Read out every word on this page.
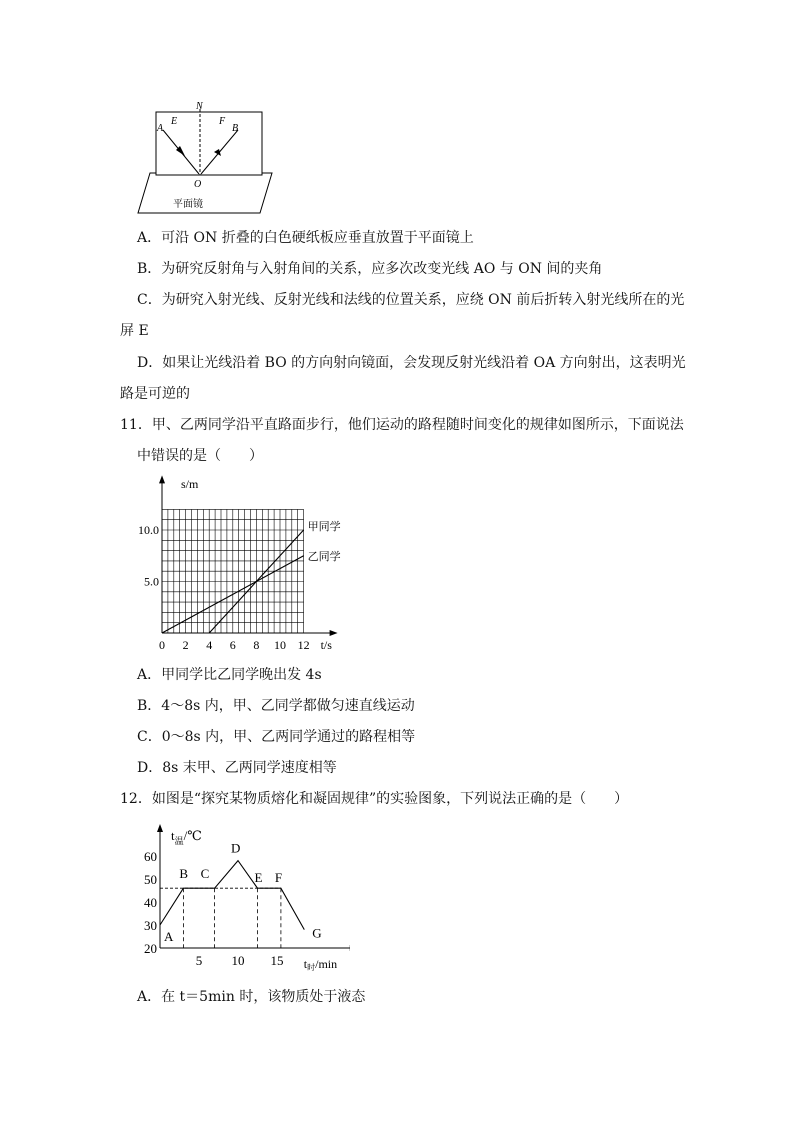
N
E	F
A	B
O
平面镜
A．可沿 ON 折叠的白色硬纸板应垂直放置于平面镜上
B．为研究反射角与入射角间的关系，应多次改变光线 AO 与 ON 间的夹角
C．为研究入射光线、反射光线和法线的位置关系，应绕 ON 前后折转入射光线所在的光
屏 E
D．如果让光线沿着 BO 的方向射向镜面，会发现反射光线沿着 OA 方向射出，这表明光
路是可逆的
11．甲、乙两同学沿平直路面步行，他们运动的路程随时间变化的规律如图所示，下面说法
中错误的是（　　）
0 2 4 6 8 10 12
5.0
10.0
s/m
t/s
甲同学
乙同学
A．甲同学比乙同学晚出发 4s
B．4～8s 内，甲、乙同学都做匀速直线运动
C．0～8s 内，甲、乙两同学通过的路程相等
D．8s 末甲、乙两同学速度相等
12．如图是“探究某物质熔化和凝固规律”的实验图象，下列说法正确的是（　　）
20
30
40
50
60
5 10 15
$t_温/℃$
t时/min
A
B C
D
E F
G
A．在 t＝5min 时，该物质处于液态
